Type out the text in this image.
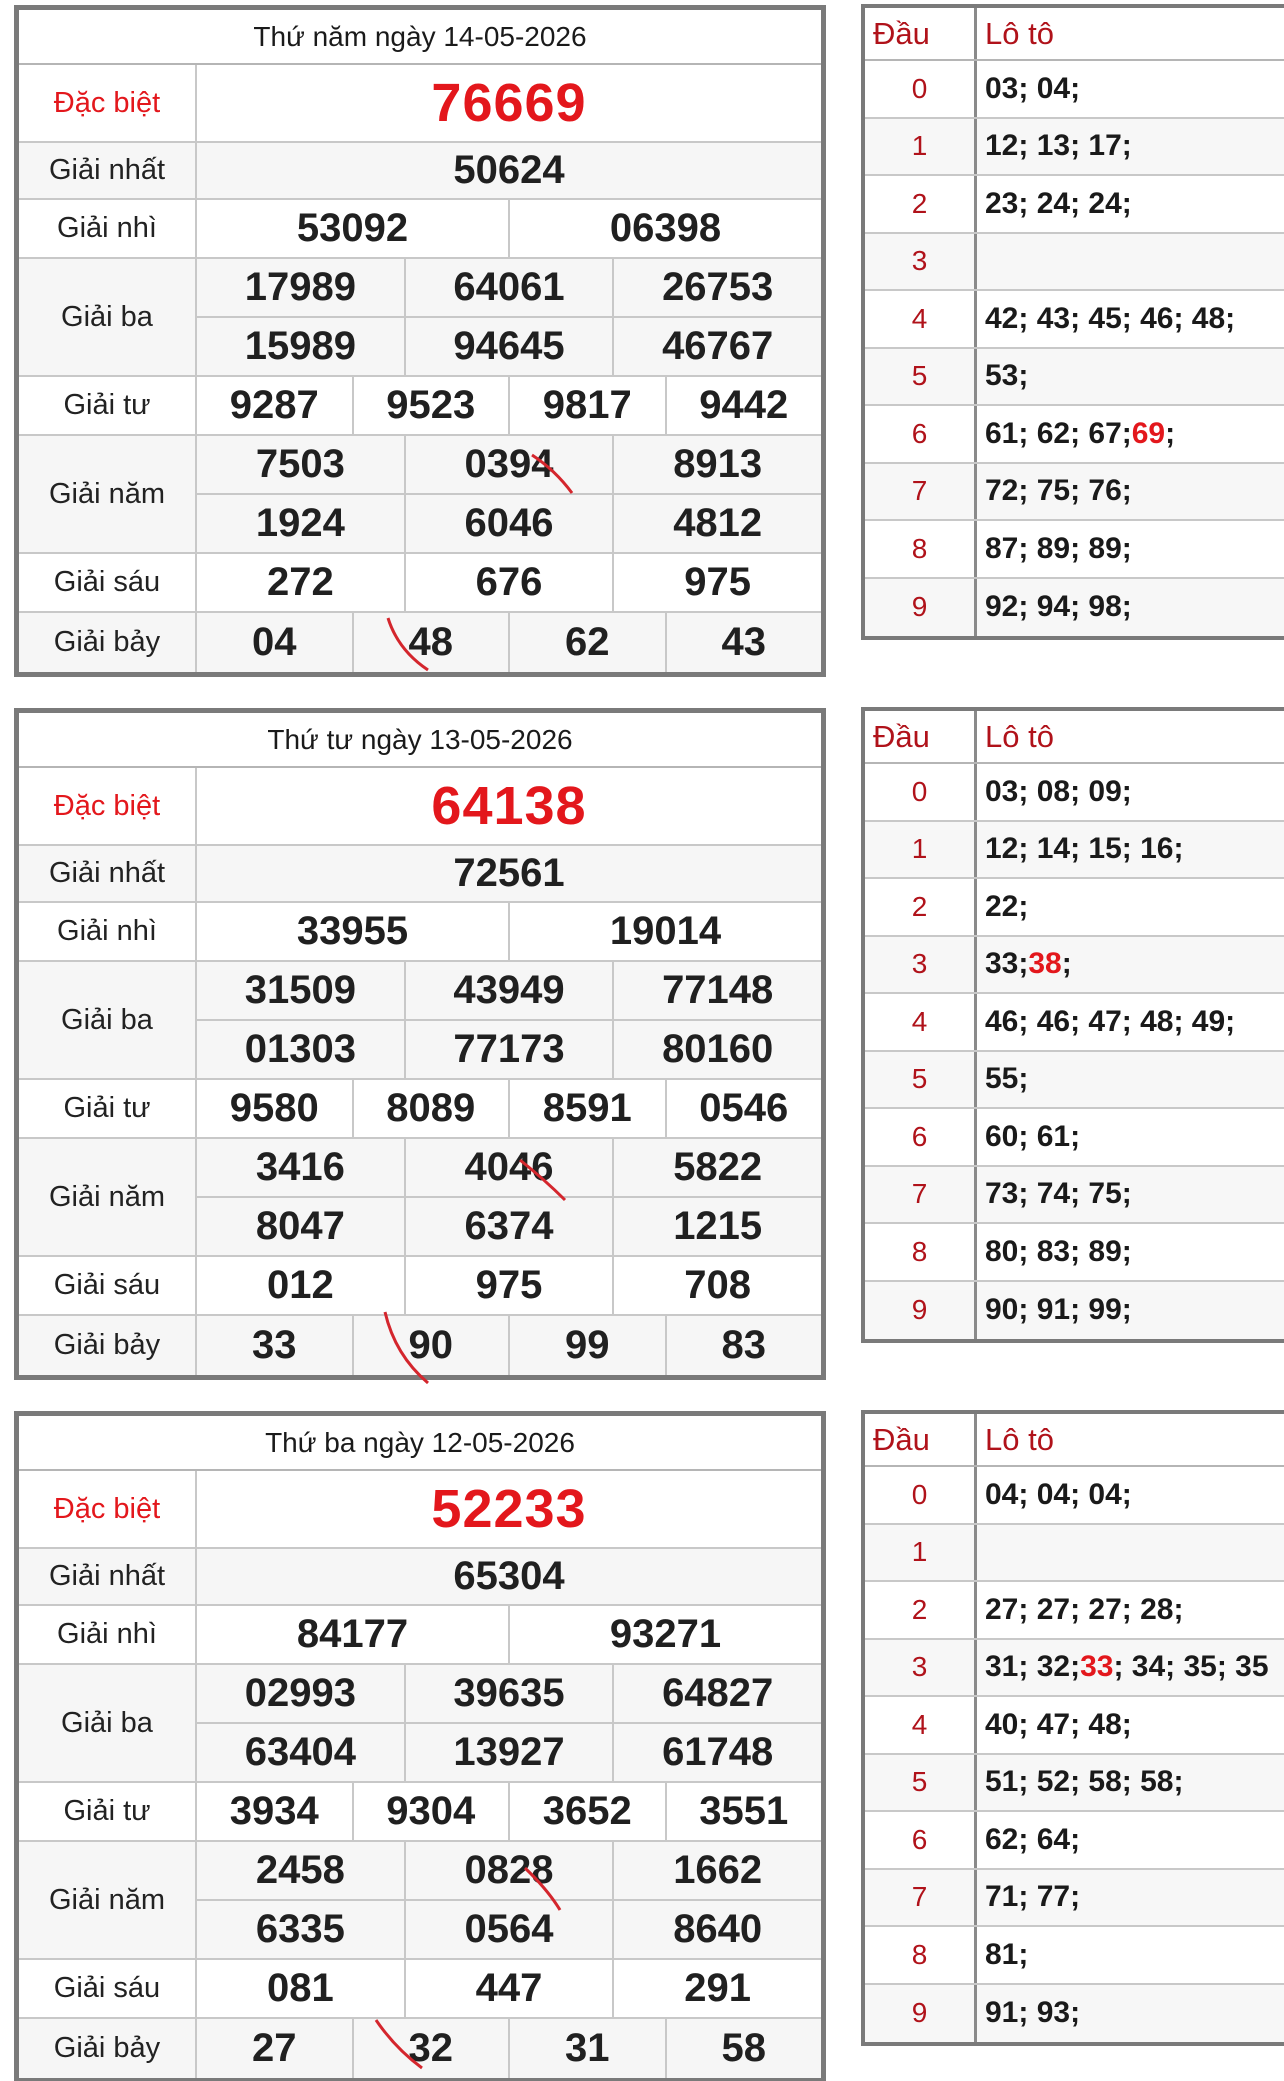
Thứ năm ngày 14-05-2026
Đặc biệt	76669
Giải nhất	50624
Giải nhì	53092	06398
Giải ba
17989	64061	26753
15989	94645	46767
Giải tư	9287	9523	9817	9442
Giải năm
7503	0394	8913
1924	6046	4812
Giải sáu	272	676	975
Giải bảy	04	48	62	43
Đầu Lô tô
0	03; 04;
1	12; 13; 17;
2	23; 24; 24;
3
4	42; 43; 45; 46; 48;
5	53;
6	61; 62; 67; 69 ;
7	72; 75; 76;
8	87; 89; 89;
9	92; 94; 98;
Thứ tư ngày 13-05-2026
Đặc biệt	64138
Giải nhất	72561
Giải nhì	33955	19014
Giải ba
31509	43949	77148
01303	77173	80160
Giải tư	9580	8089	8591	0546
Giải năm
3416	4046	5822
8047	6374	1215
Giải sáu	012	975	708
Giải bảy	33	90	99	83
Đầu Lô tô
0	03; 08; 09;
1	12; 14; 15; 16;
2	22;
3	33; 38 ;
4	46; 46; 47; 48; 49;
5	55;
6	60; 61;
7	73; 74; 75;
8	80; 83; 89;
9	90; 91; 99;
Thứ ba ngày 12-05-2026
Đặc biệt	52233
Giải nhất	65304
Giải nhì	84177	93271
Giải ba
02993	39635	64827
63404	13927	61748
Giải tư	3934	9304	3652	3551
Giải năm
2458	0828	1662
6335	0564	8640
Giải sáu	081	447	291
Giải bảy	27	32	31	58
Đầu Lô tô
0	04; 04; 04;
1
2	27; 27; 27; 28;
3	31; 32; 33 ; 34; 35; 35
4	40; 47; 48;
5	51; 52; 58; 58;
6	62; 64;
7	71; 77;
8	81;
9	91; 93;
